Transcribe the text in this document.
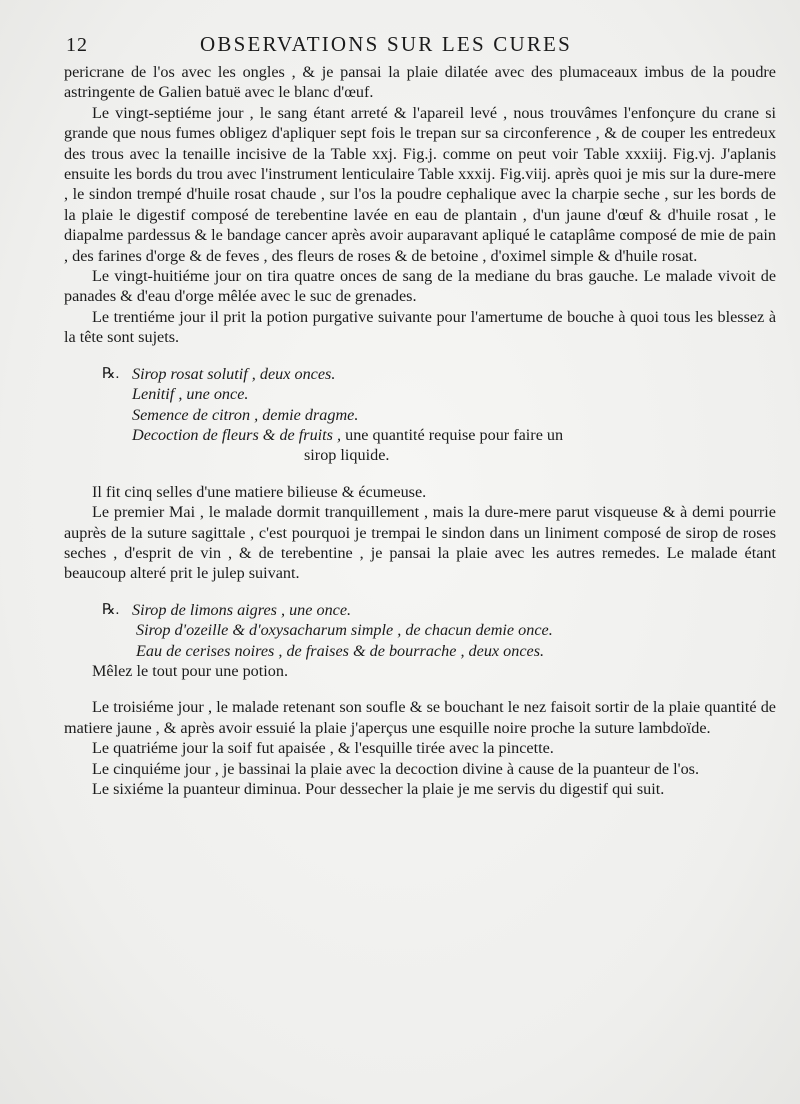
12	OBSERVATIONS SUR LES CURES

pericrane de l'os avec les ongles , & je pansai la plaie dilatée avec des plumaceaux imbus de la poudre astringente de Galien batuë avec le blanc d'œuf.

Le vingt-septiéme jour , le sang étant arreté & l'apareil levé , nous trouvâmes l'enfonçure du crane si grande que nous fumes obligez d'apliquer sept fois le trepan sur sa circonference , & de couper les entredeux des trous avec la tenaille incisive de la Table xxj. Fig.j. comme on peut voir Table xxxiij. Fig.vj. J'aplanis ensuite les bords du trou avec l'instrument lenticulaire Table xxxij. Fig.viij. après quoi je mis sur la dure-mere , le sindon trempé d'huile rosat chaude , sur l'os la poudre cephalique avec la charpie seche , sur les bords de la plaie le digestif composé de terebentine lavée en eau de plantain , d'un jaune d'œuf & d'huile rosat , le diapalme pardessus & le bandage cancer après avoir auparavant apliqué le cataplâme composé de mie de pain , des farines d'orge & de feves , des fleurs de roses & de betoine , d'oximel simple & d'huile rosat.

Le vingt-huitiéme jour on tira quatre onces de sang de la mediane du bras gauche. Le malade vivoit de panades & d'eau d'orge mêlée avec le suc de grenades.

Le trentiéme jour il prit la potion purgative suivante pour l'amertume de bouche à quoi tous les blessez à la tête sont sujets.

℞. Sirop rosat solutif , deux onces.
Lenitif , une once.
Semence de citron , demie dragme.
Decoction de fleurs & de fruits , une quantité requise pour faire un
sirop liquide.

Il fit cinq selles d'une matiere bilieuse & écumeuse.

Le premier Mai , le malade dormit tranquillement , mais la dure-mere parut visqueuse & à demi pourrie auprès de la suture sagittale , c'est pourquoi je trempai le sindon dans un liniment composé de sirop de roses seches , d'esprit de vin , & de terebentine , je pansai la plaie avec les autres remedes. Le malade étant beaucoup alteré prit le julep suivant.

℞. Sirop de limons aigres , une once.
Sirop d'ozeille & d'oxysacharum simple , de chacun demie once.
Eau de cerises noires , de fraises & de bourrache , deux onces.
Mêlez le tout pour une potion.

Le troisiéme jour , le malade retenant son soufle & se bouchant le nez faisoit sortir de la plaie quantité de matiere jaune , & après avoir essuié la plaie j'aperçus une esquille noire proche la suture lambdoïde.

Le quatriéme jour la soif fut apaisée , & l'esquille tirée avec la pincette.

Le cinquiéme jour , je bassinai la plaie avec la decoction divine à cause de la puanteur de l'os.

Le sixiéme la puanteur diminua. Pour dessecher la plaie je me servis du digestif qui suit.
